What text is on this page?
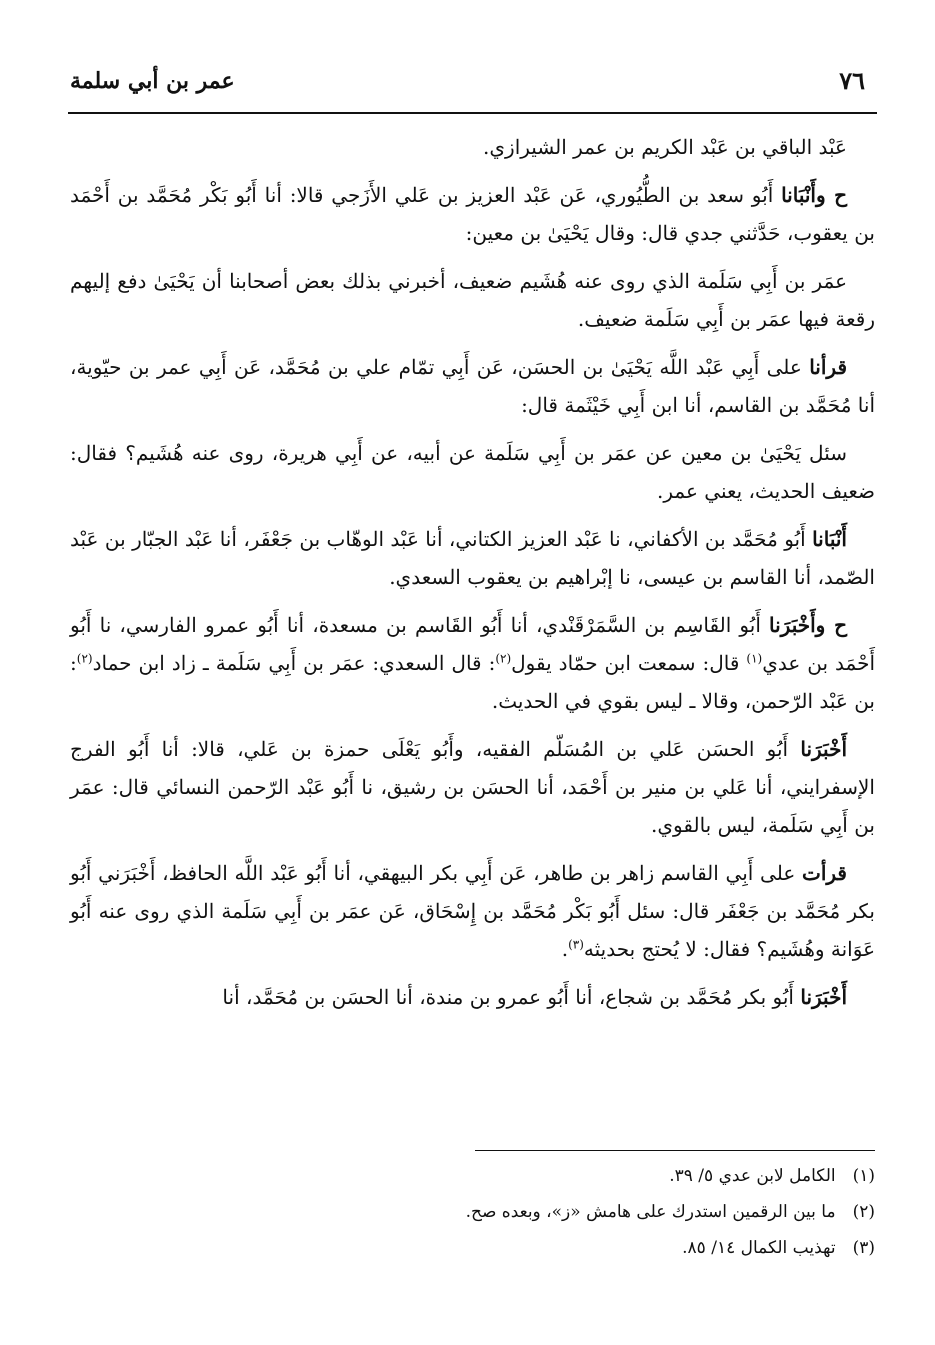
عمر بن أبي سلمة	٧٦

عَبْد الباقي بن عَبْد الكريم بن عمر الشيرازي.

ح وأَنْبَانا أَبُو سعد بن الطُّيُوري، عَن عَبْد العزيز بن عَلي الأَزَجي قالا: أنا أَبُو بَكْر مُحَمَّد بن أَحْمَد بن يعقوب، حَدَّثني جدي قال: وقال يَحْيَىٰ بن معين:

عمَر بن أَبِي سَلَمة الذي روى عنه هُشَيم ضعيف، أخبرني بذلك بعض أصحابنا أن يَحْيَىٰ دفع إليهم رقعة فيها عمَر بن أَبِي سَلَمة ضعيف.

قرأنا على أَبِي عَبْد اللَّه يَحْيَىٰ بن الحسَن، عَن أَبِي تمّام علي بن مُحَمَّد، عَن أَبِي عمر بن حيّوية، أنا مُحَمَّد بن القاسم، أنا ابن أَبِي خَيْثَمة قال:

سئل يَحْيَىٰ بن معين عن عمَر بن أَبِي سَلَمة عن أبيه، عن أَبِي هريرة، روى عنه هُشَيم؟ فقال: ضعيف الحديث، يعني عمر.

أَنْبَانا أَبُو مُحَمَّد بن الأكفاني، نا عَبْد العزيز الكتاني، أنا عَبْد الوهّاب بن جَعْفَر، أنا عَبْد الجبّار بن عَبْد الصّمد، أنا القاسم بن عيسى، نا إبْراهيم بن يعقوب السعدي.

ح وأَخْبَرَنا أَبُو القَاسِم بن السَّمَرْقَنْدي، أنا أَبُو القَاسم بن مسعدة، أنا أَبُو عمرو الفارسي، نا أَبُو أَحْمَد بن عدي$^{(١)}$ قال: سمعت ابن حمّاد يقول$^{(٢)}$: قال السعدي: عمَر بن أَبِي سَلَمة ـ زاد ابن حماد$^{(٢)}$: بن عَبْد الرّحمن، وقالا ـ ليس بقوي في الحديث.

أَخْبَرَنا أَبُو الحسَن عَلي بن المُسَلّم الفقيه، وأَبُو يَعْلَى حمزة بن عَلي، قالا: أنا أَبُو الفرج الإسفرايني، أنا عَلي بن منير بن أَحْمَد، أنا الحسَن بن رشيق، نا أَبُو عَبْد الرّحمن النسائي قال: عمَر بن أَبِي سَلَمة، ليس بالقوي.

قرأت على أَبِي القاسم زاهر بن طاهر، عَن أَبِي بكر البيهقي، أنا أَبُو عَبْد اللَّه الحافظ، أَخْبَرَني أَبُو بكر مُحَمَّد بن جَعْفَر قال: سئل أَبُو بَكْر مُحَمَّد بن إِسْحَاق، عَن عمَر بن أَبِي سَلَمة الذي روى عنه أَبُو عَوَانة وهُشَيم؟ فقال: لا يُحتج بحديثه$^{(٣)}$.

أَخْبَرَنا أَبُو بكر مُحَمَّد بن شجاع، أنا أَبُو عمرو بن مندة، أنا الحسَن بن مُحَمَّد، أنا

(١) الكامل لابن عدي ٥/ ٣٩.
(٢) ما بين الرقمين استدرك على هامش «ز»، وبعده صح.
(٣) تهذيب الكمال ١٤/ ٨٥.
